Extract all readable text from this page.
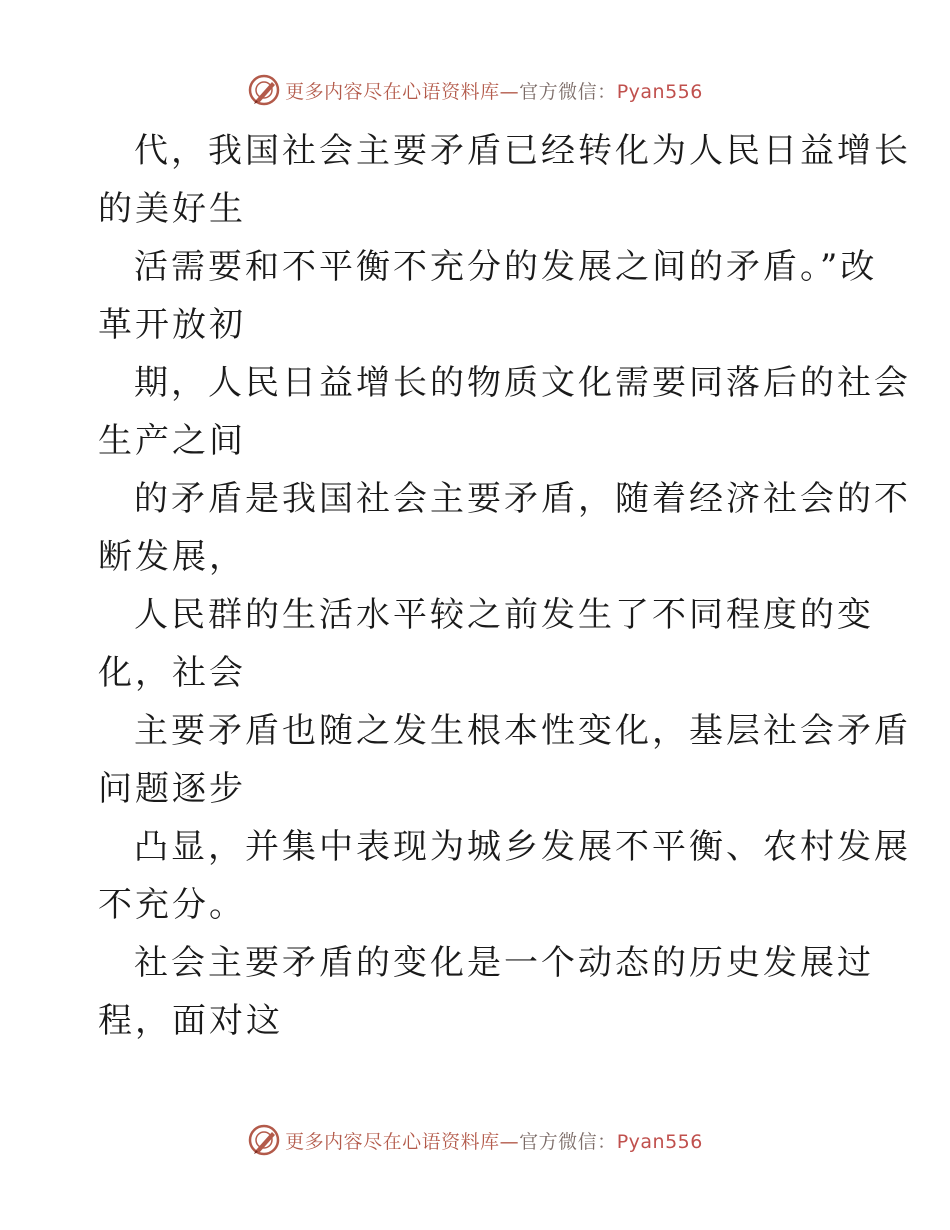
更多内容尽在心语资料库—官方微信：Pyan556
代，我国社会主要矛盾已经转化为人民日益增长
的美好生
活需要和不平衡不充分的发展之间的矛盾。”改
革开放初
期，人民日益增长的物质文化需要同落后的社会
生产之间
的矛盾是我国社会主要矛盾，随着经济社会的不
断发展，
人民群的生活水平较之前发生了不同程度的变
化，社会
主要矛盾也随之发生根本性变化，基层社会矛盾
问题逐步
凸显，并集中表现为城乡发展不平衡、农村发展
不充分。
社会主要矛盾的变化是一个动态的历史发展过
程，面对这
更多内容尽在心语资料库—官方微信：Pyan556
